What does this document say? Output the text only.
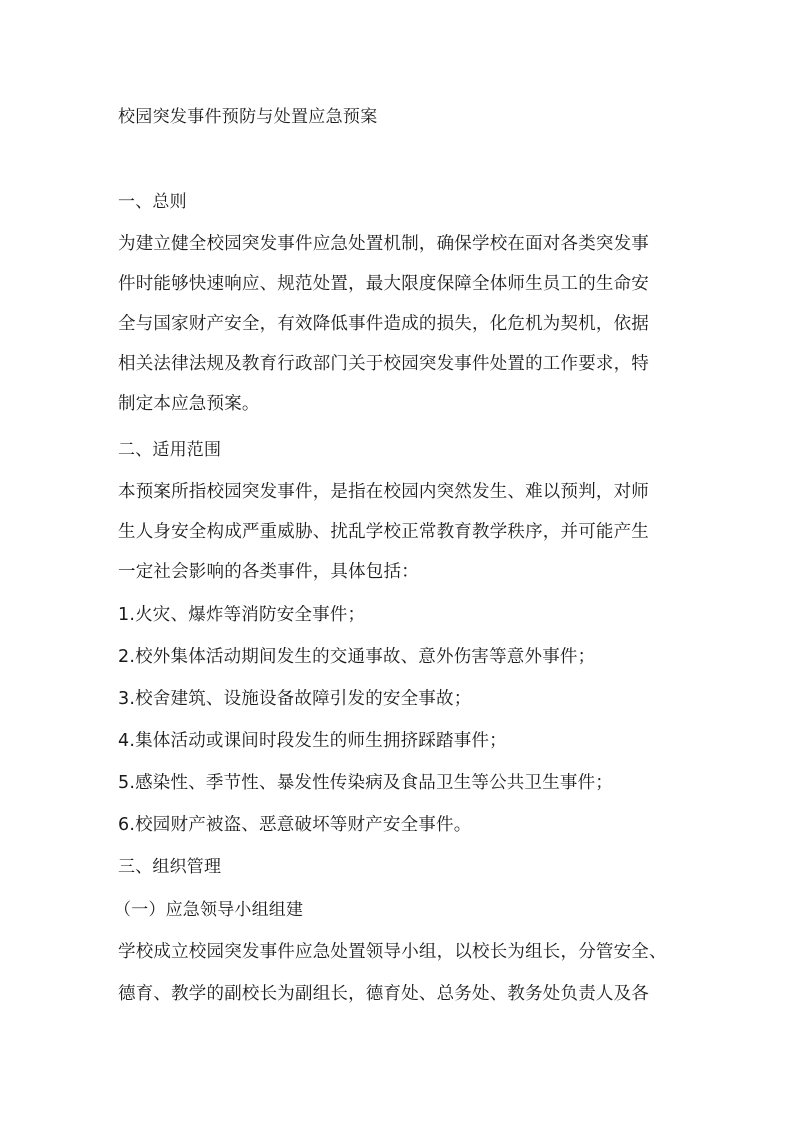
校园突发事件预防与处置应急预案
一、总则
为建立健全校园突发事件应急处置机制，确保学校在面对各类突发事
件时能够快速响应、规范处置，最大限度保障全体师生员工的生命安
全与国家财产安全，有效降低事件造成的损失，化危机为契机，依据
相关法律法规及教育行政部门关于校园突发事件处置的工作要求，特
制定本应急预案。
二、适用范围
本预案所指校园突发事件，是指在校园内突然发生、难以预判，对师
生人身安全构成严重威胁、扰乱学校正常教育教学秩序，并可能产生
一定社会影响的各类事件，具体包括：
1.火灾、爆炸等消防安全事件；
2.校外集体活动期间发生的交通事故、意外伤害等意外事件；
3.校舍建筑、设施设备故障引发的安全事故；
4.集体活动或课间时段发生的师生拥挤踩踏事件；
5.感染性、季节性、暴发性传染病及食品卫生等公共卫生事件；
6.校园财产被盗、恶意破坏等财产安全事件。
三、组织管理
（一）应急领导小组组建
学校成立校园突发事件应急处置领导小组，以校长为组长，分管安全、
德育、教学的副校长为副组长，德育处、总务处、教务处负责人及各
